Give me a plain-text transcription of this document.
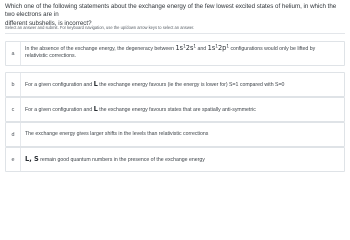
Which one of the following statements about the exchange energy of the few lowest excited states of helium, in which the two electrons are in
different subshells, is incorrect?
Select an answer and submit. For keyboard navigation, use the up/down arrow keys to select an answer.
a
In the absence of the exchange energy, the degeneracy between $1s^12s^1$ and $1s^12p^1$ configurations would only be lifted by
relativistic corrections.
b For a given configuration and L the exchange energy favours (ie the energy is lower for) S=1 compared with S=0
c For a given configuration and L the exchange energy favours states that are spatially anti-symmetric
d The exchange energy gives larger shifts in the levels than relativistic corrections
e L, S remain good quantum numbers in the presence of the exchange energy
